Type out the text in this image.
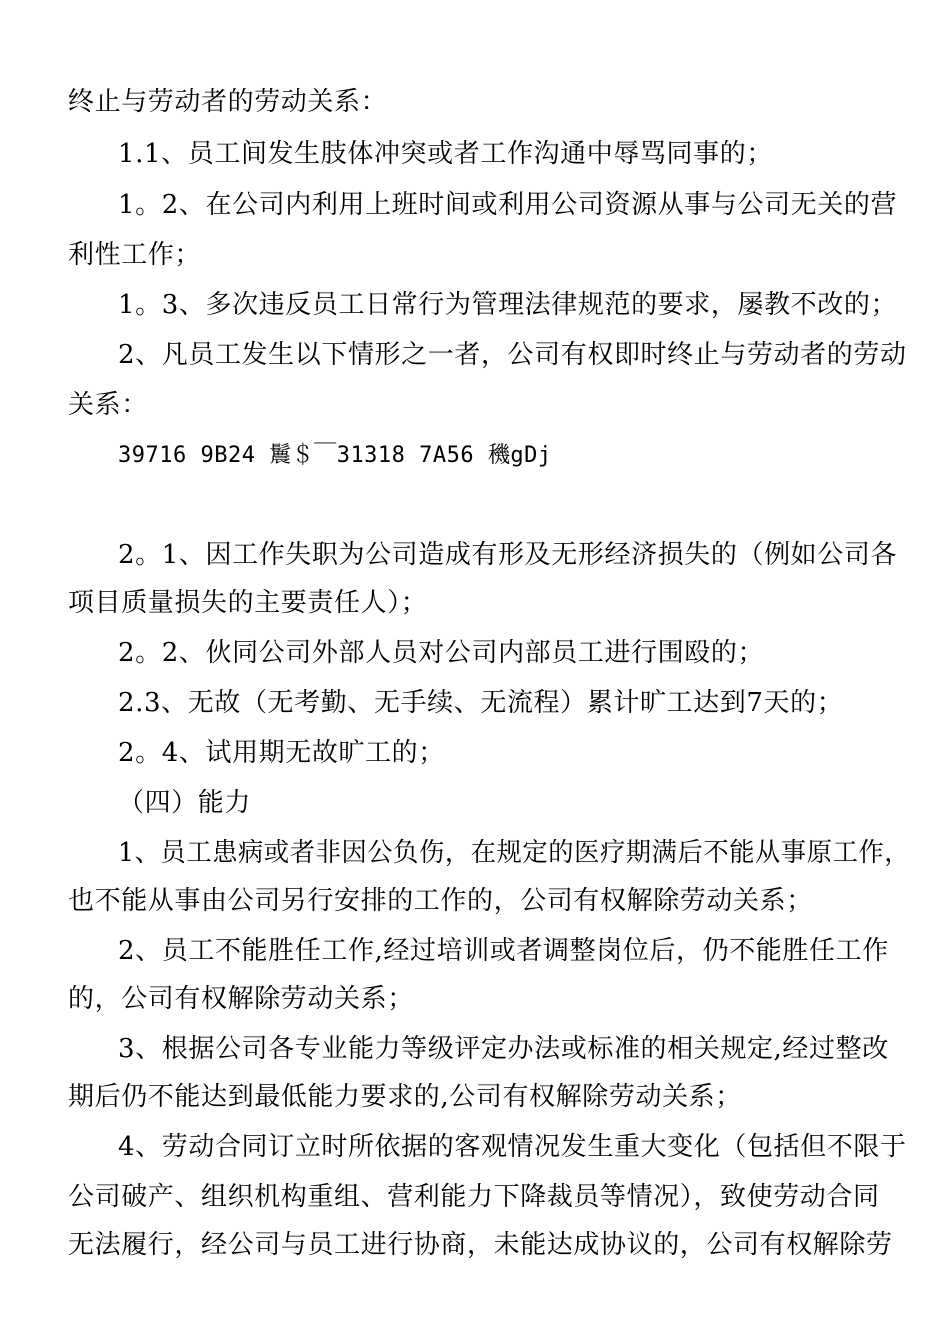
终止与劳动者的劳动关系：
1.1、员工间发生肢体冲突或者工作沟通中辱骂同事的；
1。2、在公司内利用上班时间或利用公司资源从事与公司无关的营
利性工作；
1。3、多次违反员工日常行为管理法律规范的要求，屡教不改的；
2、凡员工发生以下情形之一者，公司有权即时终止与劳动者的劳动
关系：
39716 9B24 鬞＄￣31318 7A56 穖gDj
2。1、因工作失职为公司造成有形及无形经济损失的（例如公司各
项目质量损失的主要责任人）；
2。2、伙同公司外部人员对公司内部员工进行围殴的；
2.3、无故（无考勤、无手续、无流程）累计旷工达到7天的；
2。4、试用期无故旷工的；
（四）能力
1、员工患病或者非因公负伤，在规定的医疗期满后不能从事原工作，
也不能从事由公司另行安排的工作的，公司有权解除劳动关系；
2、员工不能胜任工作,经过培训或者调整岗位后，仍不能胜任工作
的，公司有权解除劳动关系；
3、根据公司各专业能力等级评定办法或标准的相关规定,经过整改
期后仍不能达到最低能力要求的,公司有权解除劳动关系；
4、劳动合同订立时所依据的客观情况发生重大变化（包括但不限于
公司破产、组织机构重组、营利能力下降裁员等情况），致使劳动合同
无法履行，经公司与员工进行协商，未能达成协议的，公司有权解除劳
